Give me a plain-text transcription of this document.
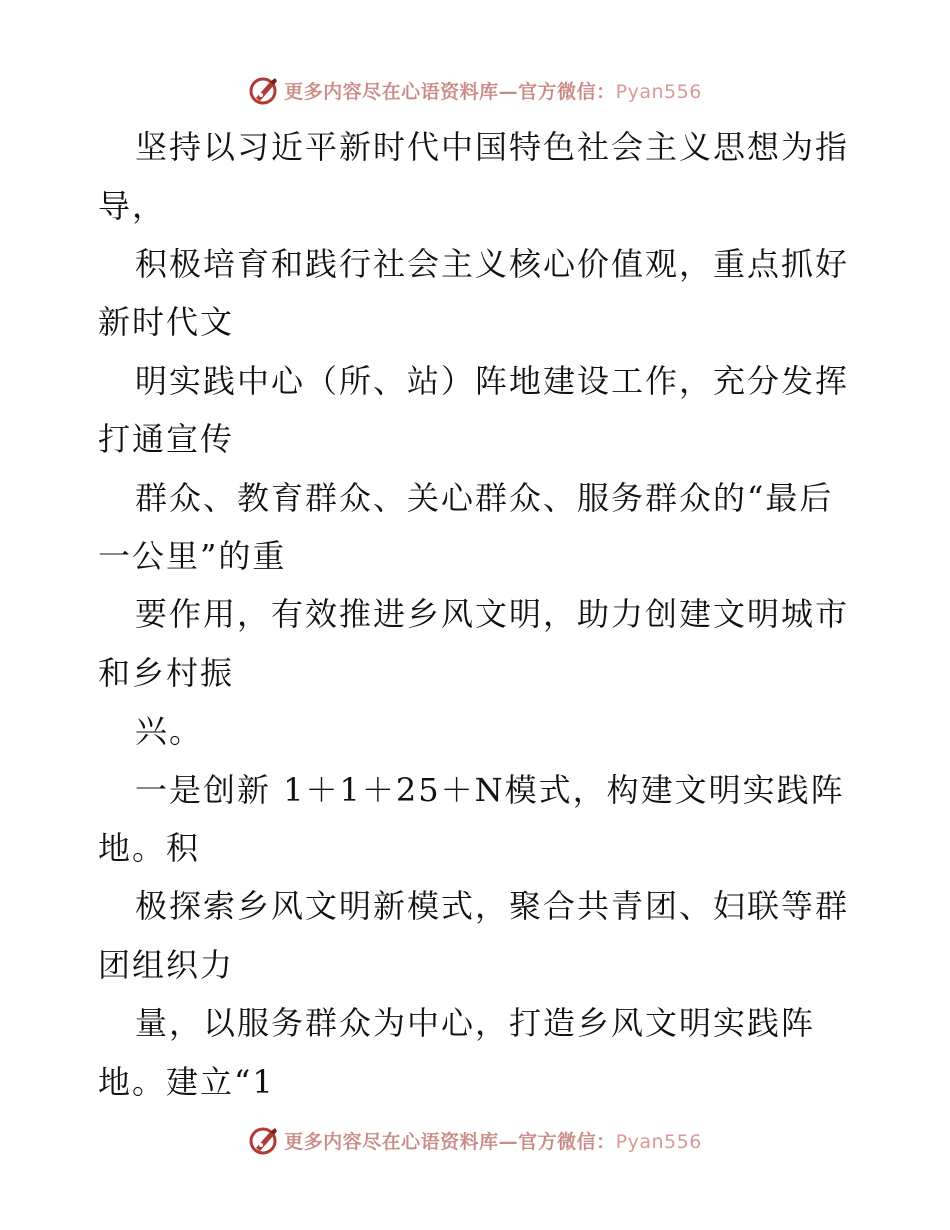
更多内容尽在心语资料库—官方微信：Pyan556
坚持以习近平新时代中国特色社会主义思想为指
导，
积极培育和践行社会主义核心价值观，重点抓好
新时代文
明实践中心（所、站）阵地建设工作，充分发挥
打通宣传
群众、教育群众、关心群众、服务群众的“最后
一公里”的重
要作用，有效推进乡风文明，助力创建文明城市
和乡村振
兴。
一是创新 1＋1＋25＋N模式，构建文明实践阵
地。积
极探索乡风文明新模式，聚合共青团、妇联等群
团组织力
量，以服务群众为中心，打造乡风文明实践阵
地。建立“1
更多内容尽在心语资料库—官方微信：Pyan556
